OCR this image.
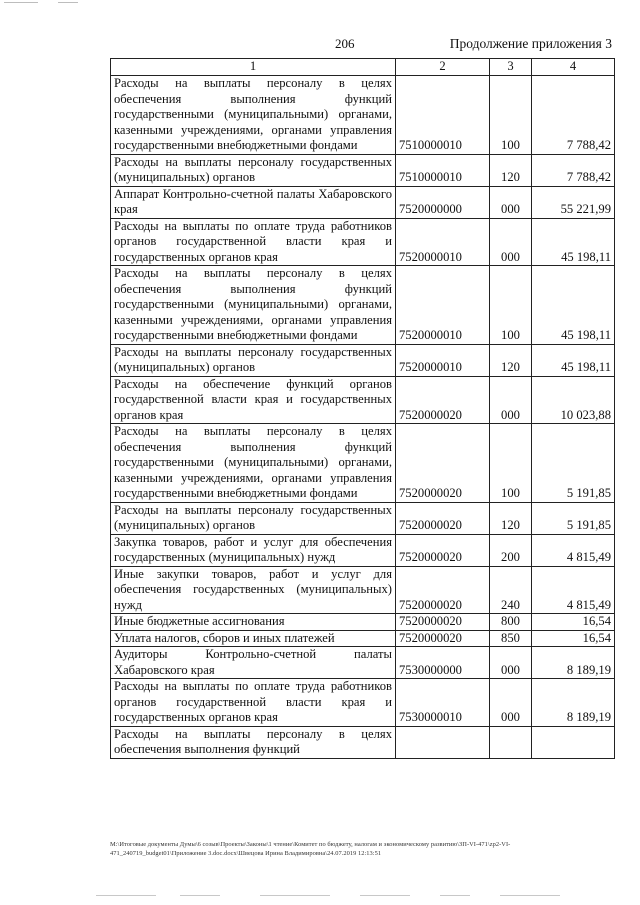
206	Продолжение приложения 3
1	2	3	4
Расходы на выплаты персоналу в целях обеспечения выполнения функций государственными (муниципальными) органами, казенными учреждениями, органами управления государственными внебюджетными фондами	7510000010	100	7 788,42
Расходы на выплаты персоналу государственных (муниципальных) органов	7510000010	120	7 788,42
Аппарат Контрольно-счетной палаты Хабаровского края	7520000000	000	55 221,99
Расходы на выплаты по оплате труда работников органов государственной власти края и государственных органов края	7520000010	000	45 198,11
Расходы на выплаты персоналу в целях обеспечения выполнения функций государственными (муниципальными) органами, казенными учреждениями, органами управления государственными внебюджетными фондами	7520000010	100	45 198,11
Расходы на выплаты персоналу государственных (муниципальных) органов	7520000010	120	45 198,11
Расходы на обеспечение функций органов государственной власти края и государственных органов края	7520000020	000	10 023,88
Расходы на выплаты персоналу в целях обеспечения выполнения функций государственными (муниципальными) органами, казенными учреждениями, органами управления государственными внебюджетными фондами	7520000020	100	5 191,85
Расходы на выплаты персоналу государственных (муниципальных) органов	7520000020	120	5 191,85
Закупка товаров, работ и услуг для обеспечения государственных (муниципальных) нужд	7520000020	200	4 815,49
Иные закупки товаров, работ и услуг для обеспечения государственных (муниципальных) нужд	7520000020	240	4 815,49
Иные бюджетные ассигнования	7520000020	800	16,54
Уплата налогов, сборов и иных платежей	7520000020	850	16,54
Аудиторы Контрольно-счетной палаты Хабаровского края	7530000000	000	8 189,19
Расходы на выплаты по оплате труда работников органов государственной власти края и государственных органов края	7530000010	000	8 189,19
Расходы на выплаты персоналу в целях обеспечения выполнения функций			
M:\Итоговые документы Думы\6 созыв\Проекты\Законы\1 чтение\Комитет по бюджету, налогам и экономическому развитию\ЗП-VI-471\zp2-VI-
471_240719_budget01\Приложение 3.doc.docx\Швецова Ирина Владимировна\24.07.2019 12:13:51
